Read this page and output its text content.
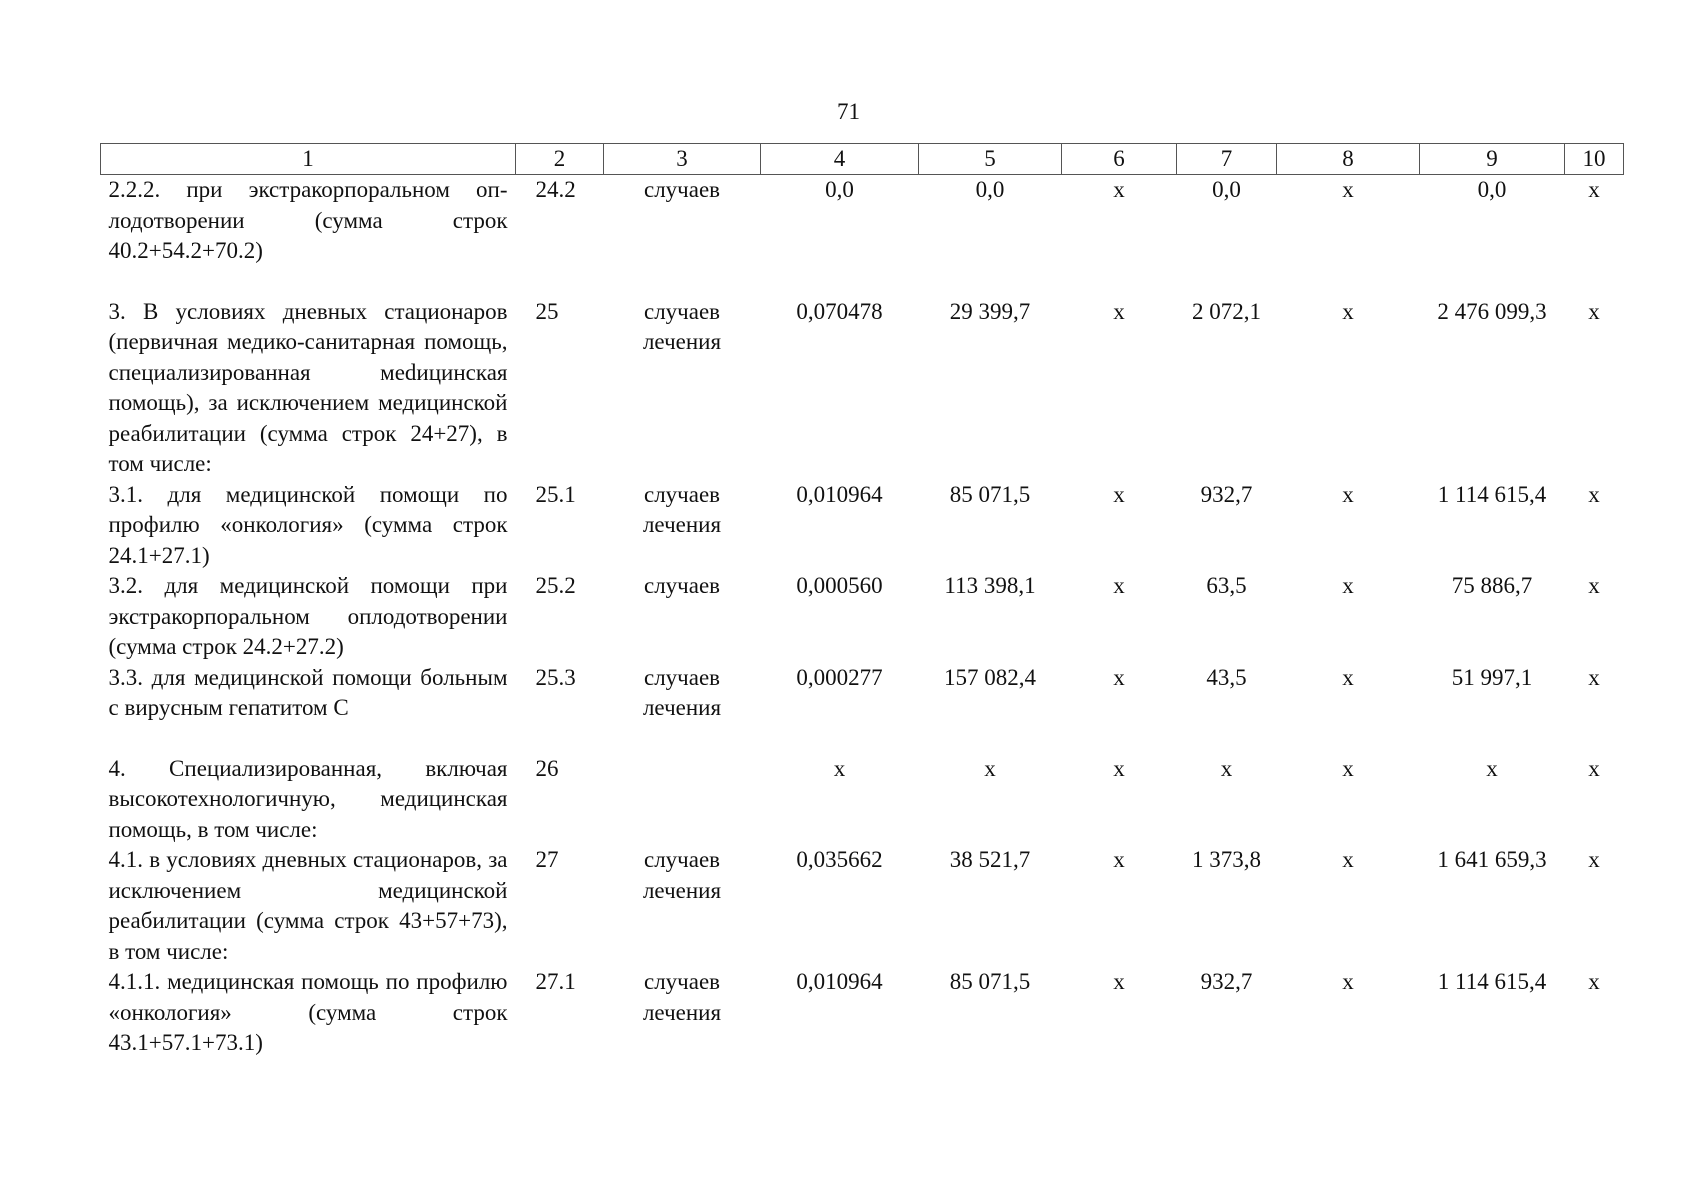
71
1	2	3	4	5	6	7	8	9	10
2.2.2. при экстракорпоральном оплодотворении (сумма строк 40.2+54.2+70.2)	24.2	случаев	0,0	0,0	х	0,0	х	0,0	х

3. В условиях дневных стационаров (первичная медико-санитарная помощь, специализированная меdицинская помощь), за исключением медицинской реабилитации (сумма строк 24+27), в том числе:	25	случаев лечения	0,070478	29 399,7	х	2 072,1	х	2 476 099,3	х
3.1. для медицинской помощи по профилю «онкология» (сумма строк 24.1+27.1)	25.1	случаев лечения	0,010964	85 071,5	х	932,7	х	1 114 615,4	х
3.2. для медицинской помощи при экстракорпоральном оплодотворении (сумма строк 24.2+27.2)	25.2	случаев	0,000560	113 398,1	х	63,5	х	75 886,7	х
3.3. для медицинской помощи больным с вирусным гепатитом С	25.3	случаев лечения	0,000277	157 082,4	х	43,5	х	51 997,1	х

4. Специализированная, включая высокотехнологичную, медицинская помощь, в том числе:	26		х	х	х	х	х	х	х
4.1. в условиях дневных стационаров, за исключением медицинской реабилитации (сумма строк 43+57+73), в том числе:	27	случаев лечения	0,035662	38 521,7	х	1 373,8	х	1 641 659,3	х
4.1.1. медицинская помощь по профилю «онкология» (сумма строк 43.1+57.1+73.1)	27.1	случаев лечения	0,010964	85 071,5	х	932,7	х	1 114 615,4	х
